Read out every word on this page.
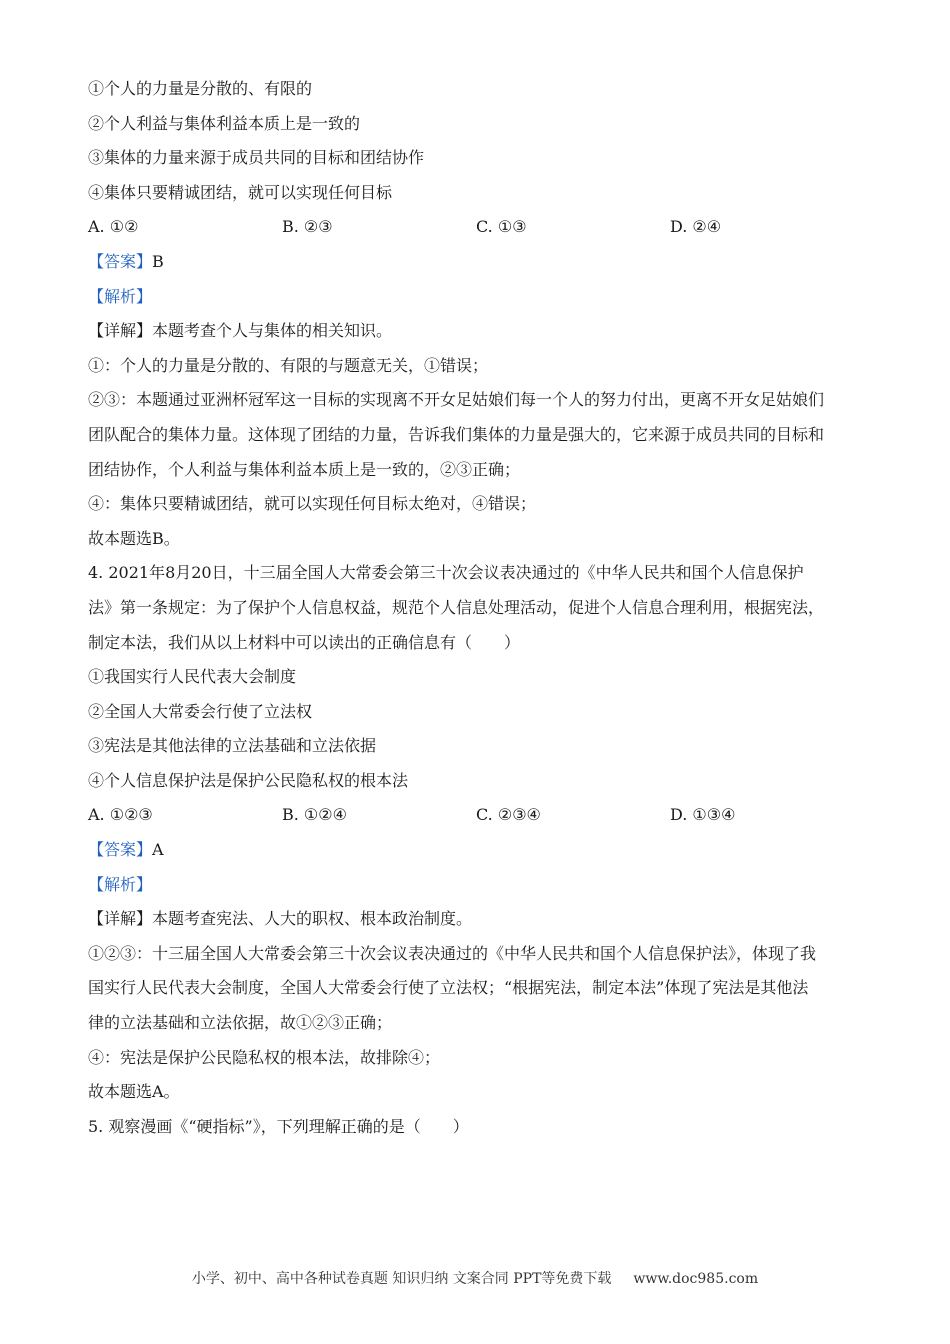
①个人的力量是分散的、有限的
②个人利益与集体利益本质上是一致的
③集体的力量来源于成员共同的目标和团结协作
④集体只要精诚团结，就可以实现任何目标
A. ①②	B. ②③	C. ①③	D. ②④
【答案】B
【解析】
【详解】本题考查个人与集体的相关知识。
①：个人的力量是分散的、有限的与题意无关，①错误；
②③：本题通过亚洲杯冠军这一目标的实现离不开女足姑娘们每一个人的努力付出，更离不开女足姑娘们
团队配合的集体力量。这体现了团结的力量，告诉我们集体的力量是强大的，它来源于成员共同的目标和
团结协作，个人利益与集体利益本质上是一致的，②③正确；
④：集体只要精诚团结，就可以实现任何目标太绝对，④错误；
故本题选B。
4. 2021年8月20日，十三届全国人大常委会第三十次会议表决通过的《中华人民共和国个人信息保护
法》第一条规定：为了保护个人信息权益，规范个人信息处理活动，促进个人信息合理利用，根据宪法，
制定本法，我们从以上材料中可以读出的正确信息有（　　）
①我国实行人民代表大会制度
②全国人大常委会行使了立法权
③宪法是其他法律的立法基础和立法依据
④个人信息保护法是保护公民隐私权的根本法
A. ①②③	B. ①②④	C. ②③④	D. ①③④
【答案】A
【解析】
【详解】本题考查宪法、人大的职权、根本政治制度。
①②③：十三届全国人大常委会第三十次会议表决通过的《中华人民共和国个人信息保护法》，体现了我
国实行人民代表大会制度，全国人大常委会行使了立法权；“根据宪法，制定本法”体现了宪法是其他法
律的立法基础和立法依据，故①②③正确；
④：宪法是保护公民隐私权的根本法，故排除④；
故本题选A。
5. 观察漫画《“硬指标”》，下列理解正确的是（　　）
小学、初中、高中各种试卷真题 知识归纳 文案合同 PPT等免费下载 www.doc985.com
